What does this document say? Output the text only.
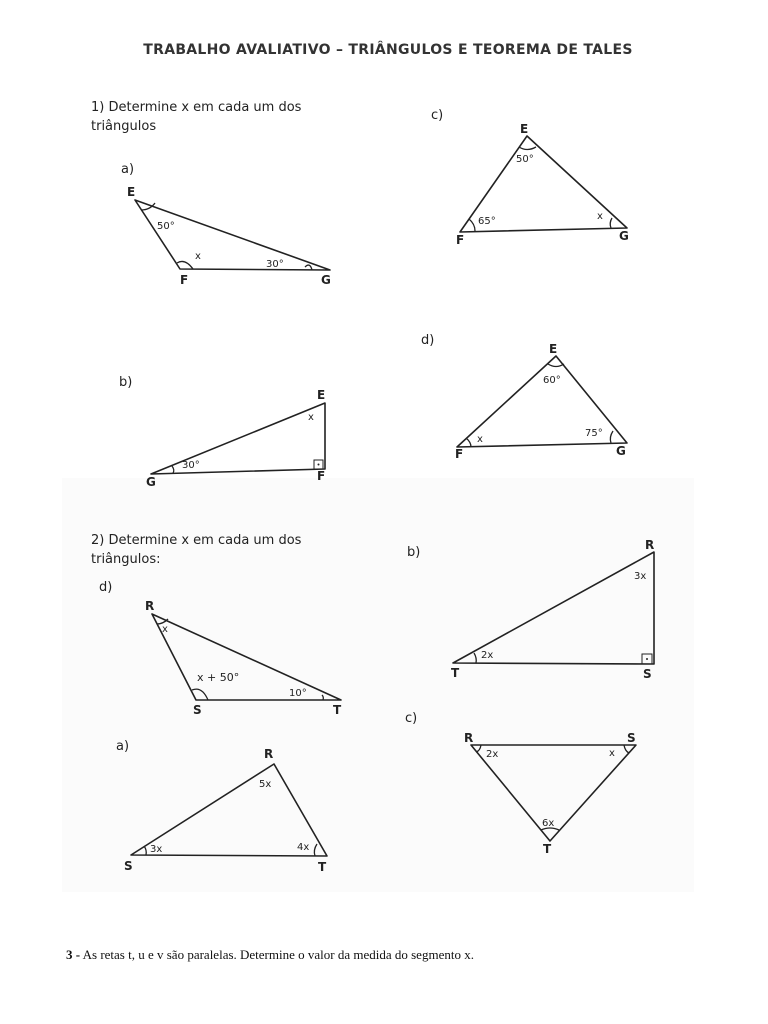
TRABALHO AVALIATIVO – TRIÂNGULOS E TEOREMA DE TALES
1) Determine x em cada um dos triângulos
2) Determine x em cada um dos triângulos:
a)
E
F	G
50°
x
30°
b)
E
G	F
x
30°
c)
E
F	G
50°
65°	x
d)
E
F	G
60°
x
75°
d)
R
S	T
x
x + 50°
10°
a)	R
S	T
5x
3x	4x
b)	R
T	S
3x
2x
c)
R	S
T
2x	x
6x
3 - As retas t, u e v são paralelas. Determine o valor da medida do segmento x.
